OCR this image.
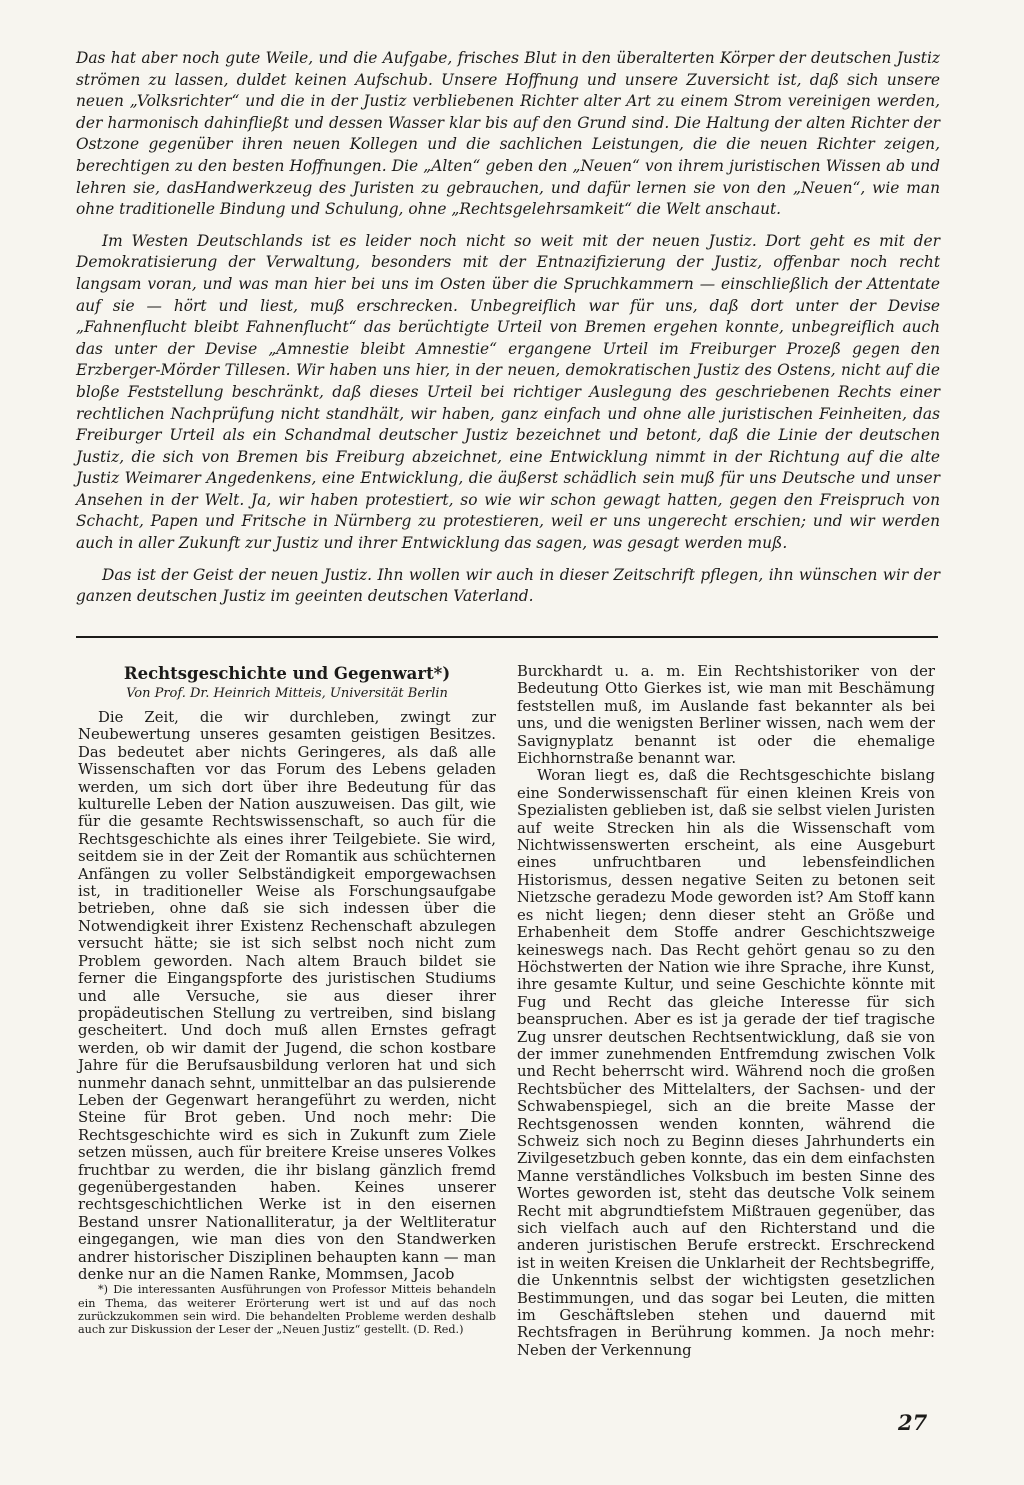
Das hat aber noch gute Weile, und die Aufgabe, frisches Blut in den überalterten Körper der deutschen Justiz strömen zu lassen, duldet keinen Aufschub. Unsere Hoffnung und unsere Zuversicht ist, daß sich unsere neuen „Volksrichter“ und die in der Justiz verbliebenen Richter alter Art zu einem Strom vereinigen werden, der harmonisch dahinfließt und dessen Wasser klar bis auf den Grund sind. Die Haltung der alten Richter der Ostzone gegenüber ihren neuen Kollegen und die sachlichen Leistungen, die die neuen Richter zeigen, berechtigen zu den besten Hoffnungen. Die „Alten“ geben den „Neuen“ von ihrem juristischen Wissen ab und lehren sie, dasHandwerkzeug des Juristen zu gebrauchen, und dafür lernen sie von den „Neuen“, wie man ohne traditionelle Bindung und Schulung, ohne „Rechtsgelehrsamkeit“ die Welt anschaut.

Im Westen Deutschlands ist es leider noch nicht so weit mit der neuen Justiz. Dort geht es mit der Demokratisierung der Verwaltung, besonders mit der Entnazifizierung der Justiz, offenbar noch recht langsam voran, und was man hier bei uns im Osten über die Spruchkammern — einschließlich der Attentate auf sie — hört und liest, muß erschrecken. Unbegreiflich war für uns, daß dort unter der Devise „Fahnenflucht bleibt Fahnenflucht“ das berüchtigte Urteil von Bremen ergehen konnte, unbegreiflich auch das unter der Devise „Amnestie bleibt Amnestie“ ergangene Urteil im Freiburger Prozeß gegen den Erzberger-Mörder Tillesen. Wir haben uns hier, in der neuen, demokratischen Justiz des Ostens, nicht auf die bloße Feststellung beschränkt, daß dieses Urteil bei richtiger Auslegung des geschriebenen Rechts einer rechtlichen Nachprüfung nicht standhält, wir haben, ganz einfach und ohne alle juristischen Feinheiten, das Freiburger Urteil als ein Schandmal deutscher Justiz bezeichnet und betont, daß die Linie der deutschen Justiz, die sich von Bremen bis Freiburg abzeichnet, eine Entwicklung nimmt in der Richtung auf die alte Justiz Weimarer Angedenkens, eine Entwicklung, die äußerst schädlich sein muß für uns Deutsche und unser Ansehen in der Welt. Ja, wir haben protestiert, so wie wir schon gewagt hatten, gegen den Freispruch von Schacht, Papen und Fritsche in Nürnberg zu protestieren, weil er uns ungerecht erschien; und wir werden auch in aller Zukunft zur Justiz und ihrer Entwicklung das sagen, was gesagt werden muß.

Das ist der Geist der neuen Justiz. Ihn wollen wir auch in dieser Zeitschrift pflegen, ihn wünschen wir der ganzen deutschen Justiz im geeinten deutschen Vaterland.

Rechtsgeschichte und Gegenwart*)
Von Prof. Dr. Heinrich Mitteis, Universität Berlin

Die Zeit, die wir durchleben, zwingt zur Neubewertung unseres gesamten geistigen Besitzes. Das bedeutet aber nichts Geringeres, als daß alle Wissenschaften vor das Forum des Lebens geladen werden, um sich dort über ihre Bedeutung für das kulturelle Leben der Nation auszuweisen. Das gilt, wie für die gesamte Rechtswissenschaft, so auch für die Rechtsgeschichte als eines ihrer Teilgebiete. Sie wird, seitdem sie in der Zeit der Romantik aus schüchternen Anfängen zu voller Selbständigkeit emporgewachsen ist, in traditioneller Weise als Forschungsaufgabe betrieben, ohne daß sie sich indessen über die Notwendigkeit ihrer Existenz Rechenschaft abzulegen versucht hätte; sie ist sich selbst noch nicht zum Problem geworden. Nach altem Brauch bildet sie ferner die Eingangspforte des juristischen Studiums und alle Versuche, sie aus dieser ihrer propädeutischen Stellung zu vertreiben, sind bislang gescheitert. Und doch muß allen Ernstes gefragt werden, ob wir damit der Jugend, die schon kostbare Jahre für die Berufsausbildung verloren hat und sich nunmehr danach sehnt, unmittelbar an das pulsierende Leben der Gegenwart herangeführt zu werden, nicht Steine für Brot geben. Und noch mehr: Die Rechtsgeschichte wird es sich in Zukunft zum Ziele setzen müssen, auch für breitere Kreise unseres Volkes fruchtbar zu werden, die ihr bislang gänzlich fremd gegenübergestanden haben. Keines unserer rechtsgeschichtlichen Werke ist in den eisernen Bestand unsrer Nationalliteratur, ja der Weltliteratur eingegangen, wie man dies von den Standwerken andrer historischer Disziplinen behaupten kann — man denke nur an die Namen Ranke, Mommsen, Jacob

*) Die interessanten Ausführungen von Professor Mitteis behandeln ein Thema, das weiterer Erörterung wert ist und auf das noch zurückzukommen sein wird. Die behandelten Probleme werden deshalb auch zur Diskussion der Leser der „Neuen Justiz“ gestellt. (D. Red.)

Burckhardt u. a. m. Ein Rechtshistoriker von der Bedeutung Otto Gierkes ist, wie man mit Beschämung feststellen muß, im Auslande fast bekannter als bei uns, und die wenigsten Berliner wissen, nach wem der Savignyplatz benannt ist oder die ehemalige Eichhornstraße benannt war.

Woran liegt es, daß die Rechtsgeschichte bislang eine Sonderwissenschaft für einen kleinen Kreis von Spezialisten geblieben ist, daß sie selbst vielen Juristen auf weite Strecken hin als die Wissenschaft vom Nichtwissenswerten erscheint, als eine Ausgeburt eines unfruchtbaren und lebensfeindlichen Historismus, dessen negative Seiten zu betonen seit Nietzsche geradezu Mode geworden ist? Am Stoff kann es nicht liegen; denn dieser steht an Größe und Erhabenheit dem Stoffe andrer Geschichtszweige keineswegs nach. Das Recht gehört genau so zu den Höchstwerten der Nation wie ihre Sprache, ihre Kunst, ihre gesamte Kultur, und seine Geschichte könnte mit Fug und Recht das gleiche Interesse für sich beanspruchen. Aber es ist ja gerade der tief tragische Zug unsrer deutschen Rechtsentwicklung, daß sie von der immer zunehmenden Entfremdung zwischen Volk und Recht beherrscht wird. Während noch die großen Rechtsbücher des Mittelalters, der Sachsen- und der Schwabenspiegel, sich an die breite Masse der Rechtsgenossen wenden konnten, während die Schweiz sich noch zu Beginn dieses Jahrhunderts ein Zivilgesetzbuch geben konnte, das ein dem einfachsten Manne verständliches Volksbuch im besten Sinne des Wortes geworden ist, steht das deutsche Volk seinem Recht mit abgrundtiefstem Mißtrauen gegenüber, das sich vielfach auch auf den Richterstand und die anderen juristischen Berufe erstreckt. Erschreckend ist in weiten Kreisen die Unklarheit der Rechtsbegriffe, die Unkenntnis selbst der wichtigsten gesetzlichen Bestimmungen, und das sogar bei Leuten, die mitten im Geschäftsleben stehen und dauernd mit Rechtsfragen in Berührung kommen. Ja noch mehr: Neben der Verkennung

27
